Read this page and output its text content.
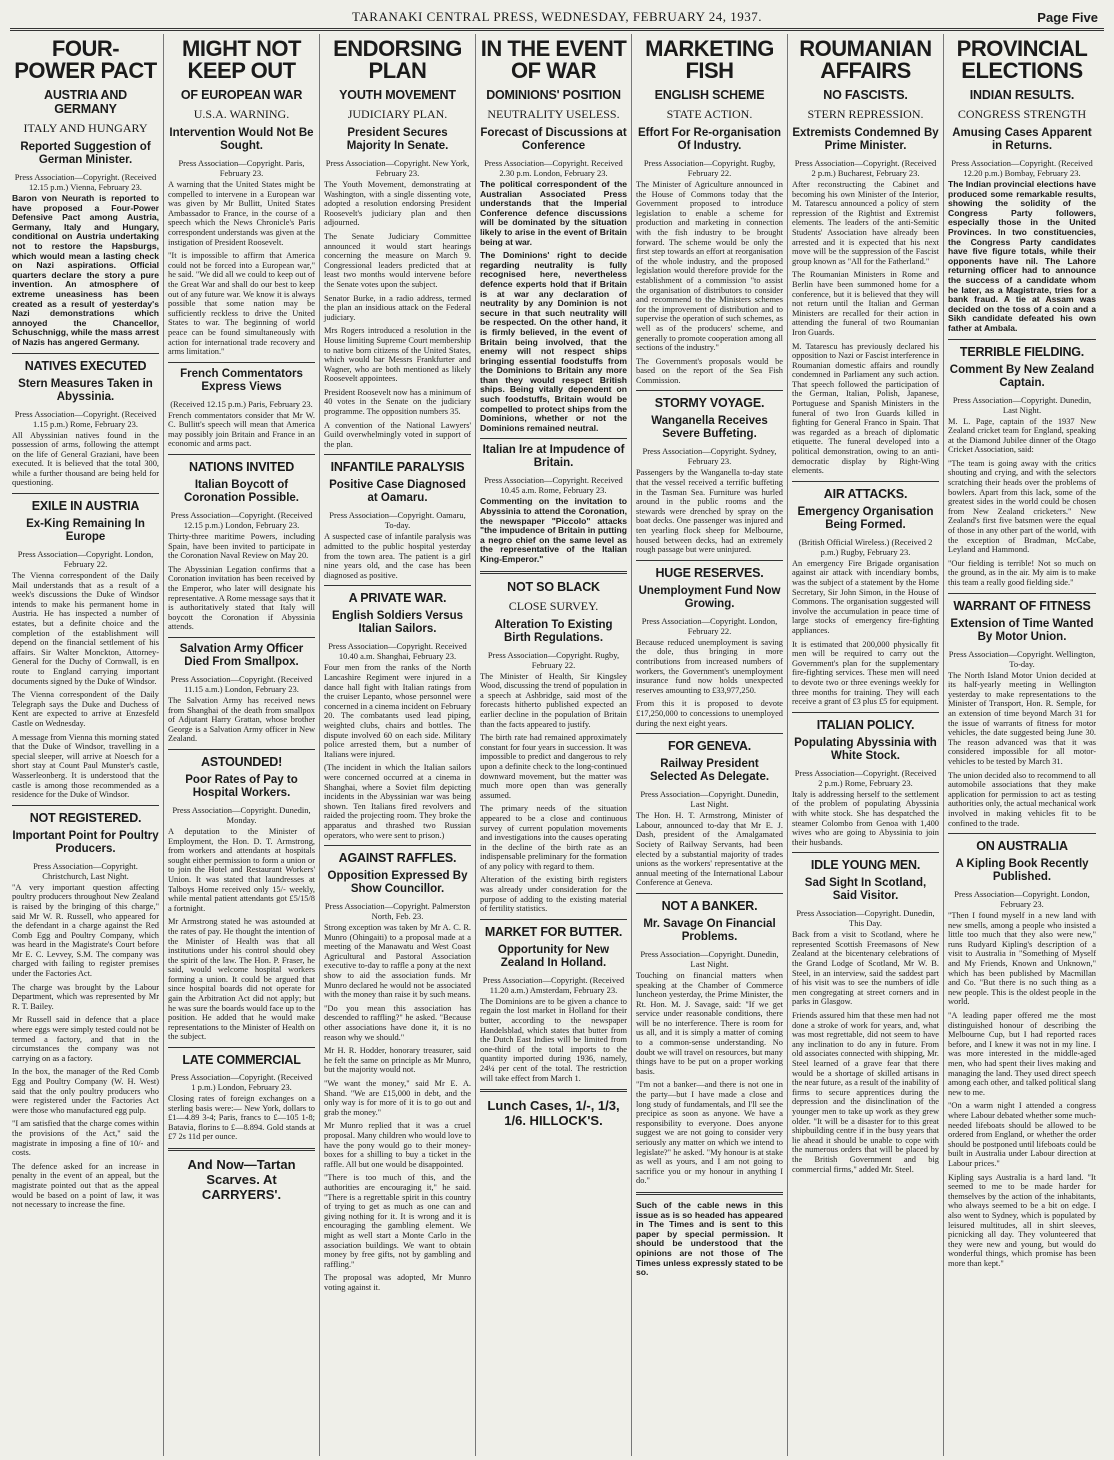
TARANAKI CENTRAL PRESS, WEDNESDAY, FEBRUARY 24, 1937.	Page Five
FOUR-POWER PACT
AUSTRIA AND GERMANY
ITALY AND HUNGARY
Reported Suggestion of German Minister.
Press Association—Copyright. (Received 12.15 p.m.) Vienna, February 23.
Baron von Neurath is reported to have proposed a Four-Power Defensive Pact among Austria, Germany, Italy and Hungary, conditional on Austria undertaking not to restore the Hapsburgs, which would mean a lasting check on Nazi aspirations. Official quarters declare the story a pure invention. An atmosphere of extreme uneasiness has been created as a result of yesterday's Nazi demonstrations which annoyed the Chancellor, Schuschnigg, while the mass arrest of Nazis has angered Germany.
NATIVES EXECUTED
Stern Measures Taken in Abyssinia.
Press Association—Copyright. (Received 1.15 p.m.) Rome, February 23.
All Abyssinian natives found in the possession of arms, following the attempt on the life of General Graziani, have been executed. It is believed that the total 300, while a further thousand are being held for questioning.
EXILE IN AUSTRIA
Ex-King Remaining In Europe
Press Association—Copyright. London, February 22.
The Vienna correspondent of the Daily Mail understands that as a result of a week's discussions the Duke of Windsor intends to make his permanent home in Austria. He has inspected a number of estates, but a definite choice and the completion of the establishment will depend on the financial settlement of his affairs. Sir Walter Monckton, Attorney-General for the Duchy of Cornwall, is en route to England carrying important documents signed by the Duke of Windsor.
The Vienna correspondent of the Daily Telegraph says the Duke and Duchess of Kent are expected to arrive at Enzesfeld Castle on Wednesday.
A message from Vienna this morning stated that the Duke of Windsor, travelling in a special sleeper, will arrive at Noesch for a short stay at Count Paul Munster's castle, Wasserleonberg. It is understood that the castle is among those recommended as a residence for the Duke of Windsor.
NOT REGISTERED.
Important Point for Poultry Producers.
Press Association—Copyright. Christchurch, Last Night.
"A very important question affecting poultry producers throughout New Zealand is raised by the bringing of this charge," said Mr W. R. Russell, who appeared for the defendant in a charge against the Red Comb Egg and Poultry Company, which was heard in the Magistrate's Court before Mr E. C. Levvey, S.M. The company was charged with failing to register premises under the Factories Act.
The charge was brought by the Labour Department, which was represented by Mr R. T. Bailey.
Mr Russell said in defence that a place where eggs were simply tested could not be termed a factory, and that in the circumstances the company was not carrying on as a factory.
In the box, the manager of the Red Comb Egg and Poultry Company (W. H. West) said that the only poultry producers who were registered under the Factories Act were those who manufactured egg pulp.
"I am satisfied that the charge comes within the provisions of the Act," said the magistrate in imposing a fine of 10/- and costs.
The defence asked for an increase in penalty in the event of an appeal, but the magistrate pointed out that as the appeal would be based on a point of law, it was not necessary to increase the fine.
MIGHT NOT KEEP OUT
OF EUROPEAN WAR
U.S.A. WARNING.
Intervention Would Not Be Sought.
Press Association—Copyright. Paris, February 23.
A warning that the United States might be compelled to intervene in a European war was given by Mr Bullitt, United States Ambassador to France, in the course of a speech which the News Chronicle's Paris correspondent understands was given at the instigation of President Roosevelt.
"It is impossible to affirm that America could not be forced into a European war," he said. "We did all we could to keep out of the Great War and shall do our best to keep out of any future war. We know it is always possible that some nation may be sufficiently reckless to drive the United States to war. The beginning of world peace can be found simultaneously with action for international trade recovery and arms limitation."
French Commentators Express Views
(Received 12.15 p.m.) Paris, February 23.
French commentators consider that Mr W. C. Bullitt's speech will mean that America may possibly join Britain and France in an economic and arms pact.
NATIONS INVITED
Italian Boycott of Coronation Possible.
Press Association—Copyright. (Received 12.15 p.m.) London, February 23.
Thirty-three maritime Powers, including Spain, have been invited to participate in the Coronation Naval Review on May 20.
The Abyssinian Legation confirms that a Coronation invitation has been received by the Emperor, who later will designate his representative. A Rome message says that it is authoritatively stated that Italy will boycott the Coronation if Abyssinia attends.
Salvation Army Officer Died From Smallpox.
Press Association—Copyright. (Received 11.15 a.m.) London, February 23.
The Salvation Army has received news from Shanghai of the death from smallpox of Adjutant Harry Grattan, whose brother George is a Salvation Army officer in New Zealand.
ASTOUNDED!
Poor Rates of Pay to Hospital Workers.
Press Association—Copyright. Dunedin, Monday.
A deputation to the Minister of Employment, the Hon. D. T. Armstrong, from workers and attendants at hospitals sought either permission to form a union or to join the Hotel and Restaurant Workers' Union. It was stated that laundresses at Talboys Home received only 15/- weekly, while mental patient attendants got £5/15/8 a fortnight.
Mr Armstrong stated he was astounded at the rates of pay. He thought the intention of the Minister of Health was that all institutions under his control should obey the spirit of the law. The Hon. P. Fraser, he said, would welcome hospital workers forming a union. It could be argued that since hospital boards did not operate for gain the Arbitration Act did not apply; but he was sure the boards would face up to the position. He added that he would make representations to the Minister of Health on the subject.
LATE COMMERCIAL
Press Association—Copyright. (Received 1 p.m.) London, February 23.
Closing rates of foreign exchanges on a sterling basis were:— New York, dollars to £1—4.89 3-4; Paris, francs to £—105 1-8; Batavia, florins to £—8.894. Gold stands at £7 2s 11d per ounce.
And Now—Tartan Scarves. At CARRYERS'.
ENDORSING PLAN
YOUTH MOVEMENT
JUDICIARY PLAN.
President Secures Majority In Senate.
Press Association—Copyright. New York, February 23.
The Youth Movement, demonstrating at Washington, with a single dissenting vote, adopted a resolution endorsing President Roosevelt's judiciary plan and then adjourned.
The Senate Judiciary Committee announced it would start hearings concerning the measure on March 9. Congressional leaders predicted that at least two months would intervene before the Senate votes upon the subject.
Senator Burke, in a radio address, termed the plan an insidious attack on the Federal judiciary.
Mrs Rogers introduced a resolution in the House limiting Supreme Court membership to native born citizens of the United States, which would bar Messrs Frankfurter and Wagner, who are both mentioned as likely Roosevelt appointees.
President Roosevelt now has a minimum of 40 votes in the Senate on the judiciary programme. The opposition numbers 35.
A convention of the National Lawyers' Guild overwhelmingly voted in support of the plan.
INFANTILE PARALYSIS
Positive Case Diagnosed at Oamaru.
Press Association—Copyright. Oamaru, To-day.
A suspected case of infantile paralysis was admitted to the public hospital yesterday from the town area. The patient is a girl nine years old, and the case has been diagnosed as positive.
A PRIVATE WAR.
English Soldiers Versus Italian Sailors.
Press Association—Copyright. Received 10.40 a.m. Shanghai, February 23.
Four men from the ranks of the North Lancashire Regiment were injured in a dance hall fight with Italian ratings from the cruiser Lepanto, whose personnel were concerned in a cinema incident on February 20. The combatants used lead piping, weighted clubs, chairs and bottles. The dispute involved 60 on each side. Military police arrested them, but a number of Italians were injured.
(The incident in which the Italian sailors were concerned occurred at a cinema in Shanghai, where a Soviet film depicting incidents in the Abyssinian war was being shown. Ten Italians fired revolvers and raided the projecting room. They broke the apparatus and thrashed two Russian operators, who were sent to prison.)
AGAINST RAFFLES.
Opposition Expressed By Show Councillor.
Press Association—Copyright. Palmerston North, Feb. 23.
Strong exception was taken by Mr A. C. R. Munro (Ohingaiti) to a proposal made at a meeting of the Manawatu and West Coast Agricultural and Pastoral Association executive to-day to raffle a pony at the next show to aid the association funds. Mr Munro declared he would not be associated with the money than raise it by such means.
"Do you mean this association has descended to raffling?" he asked. "Because other associations have done it, it is no reason why we should."
Mr H. R. Hodder, honorary treasurer, said he felt the same on principle as Mr Munro, but the majority would not.
"We want the money," said Mr E. A. Shand. "We are £15,000 in debt, and the only way is for more of it is to go out and grab the money."
Mr Munro replied that it was a cruel proposal. Many children who would love to have the pony would go to their money-boxes for a shilling to buy a ticket in the raffle. All but one would be disappointed.
"There is too much of this, and the authorities are encouraging it," he said. "There is a regrettable spirit in this country of trying to get as much as one can and giving nothing for it. It is wrong and it is encouraging the gambling element. We might as well start a Monte Carlo in the association buildings. We want to obtain money by free gifts, not by gambling and raffling."
The proposal was adopted, Mr Munro voting against it.
IN THE EVENT OF WAR
DOMINIONS' POSITION
NEUTRALITY USELESS.
Forecast of Discussions at Conference
Press Association—Copyright. Received 2.30 p.m. London, February 23.
The political correspondent of the Australian Associated Press understands that the Imperial Conference defence discussions will be dominated by the situation likely to arise in the event of Britain being at war.
The Dominions' right to decide regarding neutrality is fully recognised here, nevertheless defence experts hold that if Britain is at war any declaration of neutrality by any Dominion is not secure in that such neutrality will be respected. On the other hand, it is firmly believed, in the event of Britain being involved, that the enemy will not respect ships bringing essential foodstuffs from the Dominions to Britain any more than they would respect British ships. Being vitally dependent on such foodstuffs, Britain would be compelled to protect ships from the Dominions, whether or not the Dominions remained neutral.
Italian Ire at Impudence of Britain.
Press Association—Copyright. Received 10.45 a.m. Rome, February 23.
Commenting on the invitation to Abyssinia to attend the Coronation, the newspaper "Piccolo" attacks "the impudence of Britain in putting a negro chief on the same level as the representative of the Italian King-Emperor."
NOT SO BLACK
CLOSE SURVEY.
Alteration To Existing Birth Regulations.
Press Association—Copyright. Rugby, February 22.
The Minister of Health, Sir Kingsley Wood, discussing the trend of population in a speech at Ashbridge, said most of the forecasts hitherto published expected an earlier decline in the population of Britain than the facts appeared to justify.
The birth rate had remained approximately constant for four years in succession. It was impossible to predict and dangerous to rely upon a definite check to the long-continued downward movement, but the matter was much more open than was generally assumed.
The primary needs of the situation appeared to be a close and continuous survey of current population movements and investigations into the causes operating in the decline of the birth rate as an indispensable preliminary for the formation of any policy with regard to them.
Alteration of the existing birth registers was already under consideration for the purpose of adding to the existing material of fertility statistics.
MARKET FOR BUTTER.
Opportunity for New Zealand In Holland.
Press Association—Copyright. (Received 11.20 a.m.) Amsterdam, February 23.
The Dominions are to be given a chance to regain the lost market in Holland for their butter, according to the newspaper Handelsblad, which states that butter from the Dutch East Indies will be limited from one-third of the total imports to the quantity imported during 1936, namely, 24¼ per cent of the total. The restriction will take effect from March 1.
Lunch Cases, 1/-, 1/3, 1/6. HILLOCK'S.
MARKETING FISH
ENGLISH SCHEME
STATE ACTION.
Effort For Re-organisation Of Industry.
Press Association—Copyright. Rugby, February 22.
The Minister of Agriculture announced in the House of Commons today that the Government proposed to introduce legislation to enable a scheme for production and marketing in connection with the fish industry to be brought forward. The scheme would be only the first step towards an effort at reorganisation of the whole industry, and the proposed legislation would therefore provide for the establishment of a commission "to assist the organisation of distributors to consider and recommend to the Ministers schemes for the improvement of distribution and to supervise the operation of such schemes, as well as of the producers' scheme, and generally to promote cooperation among all sections of the industry."
The Government's proposals would be based on the report of the Sea Fish Commission.
STORMY VOYAGE.
Wanganella Receives Severe Buffeting.
Press Association—Copyright. Sydney, February 23.
Passengers by the Wanganella to-day state that the vessel received a terrific buffeting in the Tasman Sea. Furniture was hurled around in the public rooms and the stewards were drenched by spray on the boat decks. One passenger was injured and ten yearling flock sheep for Melbourne, housed between decks, had an extremely rough passage but were uninjured.
HUGE RESERVES.
Unemployment Fund Now Growing.
Press Association—Copyright. London, February 22.
Because reduced unemployment is saving the dole, thus bringing in more contributions from increased numbers of workers, the Government's unemployment insurance fund now holds unexpected reserves amounting to £33,977,250.
From this it is proposed to devote £17,250,000 to concessions to unemployed during the next eight years.
FOR GENEVA.
Railway President Selected As Delegate.
Press Association—Copyright. Dunedin, Last Night.
The Hon. H. T. Armstrong, Minister of Labour, announced to-day that Mr E. J. Dash, president of the Amalgamated Society of Railway Servants, had been elected by a substantial majority of trades unions as the workers' representative at the annual meeting of the International Labour Conference at Geneva.
NOT A BANKER.
Mr. Savage On Financial Problems.
Press Association—Copyright. Dunedin, Last Night.
Touching on financial matters when speaking at the Chamber of Commerce luncheon yesterday, the Prime Minister, the Rt. Hon. M. J. Savage, said: "If we get service under reasonable conditions, there will be no interference. There is room for us all, and it is simply a matter of coming to a common-sense understanding. No doubt we will travel on resources, but many things have to be put on a proper working basis.
"I'm not a banker—and there is not one in the party—but I have made a close and long study of fundamentals, and I'll see the precipice as soon as anyone. We have a responsibility to everyone. Does anyone suggest we are not going to consider very seriously any matter on which we intend to legislate?" he asked. "My honour is at stake as well as yours, and I am not going to sacrifice you or my honour in anything I do."
Such of the cable news in this issue as is so headed has appeared in The Times and is sent to this paper by special permission. It should be understood that the opinions are not those of The Times unless expressly stated to be so.
ROUMANIAN AFFAIRS
NO FASCISTS.
STERN REPRESSION.
Extremists Condemned By Prime Minister.
Press Association—Copyright. (Received 2 p.m.) Bucharest, February 23.
After reconstructing the Cabinet and becoming his own Minister of the Interior, M. Tatarescu announced a policy of stern repression of the Rightist and Extremist elements. The leaders of the anti-Semitic Students' Association have already been arrested and it is expected that his next move will be the suppression of the Fascist group known as "All for the Fatherland."
The Roumanian Ministers in Rome and Berlin have been summoned home for a conference, but it is believed that they will not return until the Italian and German Ministers are recalled for their action in attending the funeral of two Roumanian Iron Guards.
M. Tatarescu has previously declared his opposition to Nazi or Fascist interference in Roumanian domestic affairs and roundly condemned in Parliament any such action. That speech followed the participation of the German, Italian, Polish, Japanese, Portuguese and Spanish Ministers in the funeral of two Iron Guards killed in fighting for General Franco in Spain. That was regarded as a breach of diplomatic etiquette. The funeral developed into a political demonstration, owing to an anti-democratic display by Right-Wing elements.
AIR ATTACKS.
Emergency Organisation Being Formed.
(British Official Wireless.) (Received 2 p.m.) Rugby, February 23.
An emergency Fire Brigade organisation against air attack with incendiary bombs, was the subject of a statement by the Home Secretary, Sir John Simon, in the House of Commons. The organisation suggested will involve the accumulation in peace time of large stocks of emergency fire-fighting appliances.
It is estimated that 200,000 physically fit men will be required to carry out the Government's plan for the supplementary fire-fighting services. These men will need to devote two or three evenings weekly for three months for training. They will each receive a grant of £3 plus £5 for equipment.
ITALIAN POLICY.
Populating Abyssinia with White Stock.
Press Association—Copyright. (Received 2 p.m.) Rome, February 23.
Italy is addressing herself to the settlement of the problem of populating Abyssinia with white stock. She has despatched the steamer Colombo from Genoa with 1,400 wives who are going to Abyssinia to join their husbands.
IDLE YOUNG MEN.
Sad Sight In Scotland, Said Visitor.
Press Association—Copyright. Dunedin, This Day.
Back from a visit to Scotland, where he represented Scottish Freemasons of New Zealand at the bicentenary celebrations of the Grand Lodge of Scotland, Mr W. B. Steel, in an interview, said the saddest part of his visit was to see the numbers of idle men congregating at street corners and in parks in Glasgow.
Friends assured him that these men had not done a stroke of work for years, and, what was most regrettable, did not seem to have any inclination to do any in future. From old associates connected with shipping, Mr. Steel learned of a grave fear that there would be a shortage of skilled artisans in the near future, as a result of the inability of firms to secure apprentices during the depression and the disinclination of the younger men to take up work as they grew older. "It will be a disaster for to this great shipbuilding centre if in the busy years that lie ahead it should be unable to cope with the numerous orders that will be placed by the British Government and big commercial firms," added Mr. Steel.
PROVINCIAL ELECTIONS
INDIAN RESULTS.
CONGRESS STRENGTH
Amusing Cases Apparent in Returns.
Press Association—Copyright. (Received 12.20 p.m.) Bombay, February 23.
The Indian provincial elections have produced some remarkable results, showing the solidity of the Congress Party followers, especially those in the United Provinces. In two constituencies, the Congress Party candidates have five figure totals, while their opponents have nil. The Lahore returning officer had to announce the success of a candidate whom he later, as a Magistrate, tries for a bank fraud. A tie at Assam was decided on the toss of a coin and a Sikh candidate defeated his own father at Ambala.
TERRIBLE FIELDING.
Comment By New Zealand Captain.
Press Association—Copyright. Dunedin, Last Night.
M. L. Page, captain of the 1937 New Zealand cricket team for England, speaking at the Diamond Jubilee dinner of the Otago Cricket Association, said:
"The team is going away with the critics shouting and crying, and with the selectors scratching their heads over the problems of bowlers. Apart from this lack, some of the greatest sides in the world could be chosen from New Zealand cricketers." New Zealand's first five batsmen were the equal of those in any other part of the world, with the exception of Bradman, McCabe, Leyland and Hammond.
"Our fielding is terrible! Not so much on the ground, as in the air. My aim is to make this team a really good fielding side."
WARRANT OF FITNESS
Extension of Time Wanted By Motor Union.
Press Association—Copyright. Wellington, To-day.
The North Island Motor Union decided at its half-yearly meeting in Wellington yesterday to make representations to the Minister of Transport, Hon. R. Semple, for an extension of time beyond March 31 for the issue of warrants of fitness for motor vehicles, the date suggested being June 30. The reason advanced was that it was considered impossible for all motor-vehicles to be tested by March 31.
The union decided also to recommend to all automobile associations that they make application for permission to act as testing authorities only, the actual mechanical work involved in making vehicles fit to be confined to the trade.
ON AUSTRALIA
A Kipling Book Recently Published.
Press Association—Copyright. London, February 23.
"Then I found myself in a new land with new smells, among a people who insisted a little too much that they also were new," runs Rudyard Kipling's description of a visit to Australia in "Something of Myself and My Friends, Known and Unknown," which has been published by Macmillan and Co. "But there is no such thing as a new people. This is the oldest people in the world.
"A leading paper offered me the most distinguished honour of describing the Melbourne Cup, but I had reported races before, and I knew it was not in my line. I was more interested in the middle-aged men, who had spent their lives making and managing the land. They used direct speech among each other, and talked political slang new to me.
"On a warm night I attended a congress where Labour debated whether some much-needed lifeboats should be allowed to be ordered from England, or whether the order should be postponed until lifeboats could be built in Australia under Labour direction at Labour prices."
Kipling says Australia is a hard land. "It seemed to me to be made harder for themselves by the action of the inhabitants, who always seemed to be a bit on edge. I also went to Sydney, which is populated by leisured multitudes, all in shirt sleeves, picnicking all day. They volunteered that they were new and young, but would do wonderful things, which promise has been more than kept."
